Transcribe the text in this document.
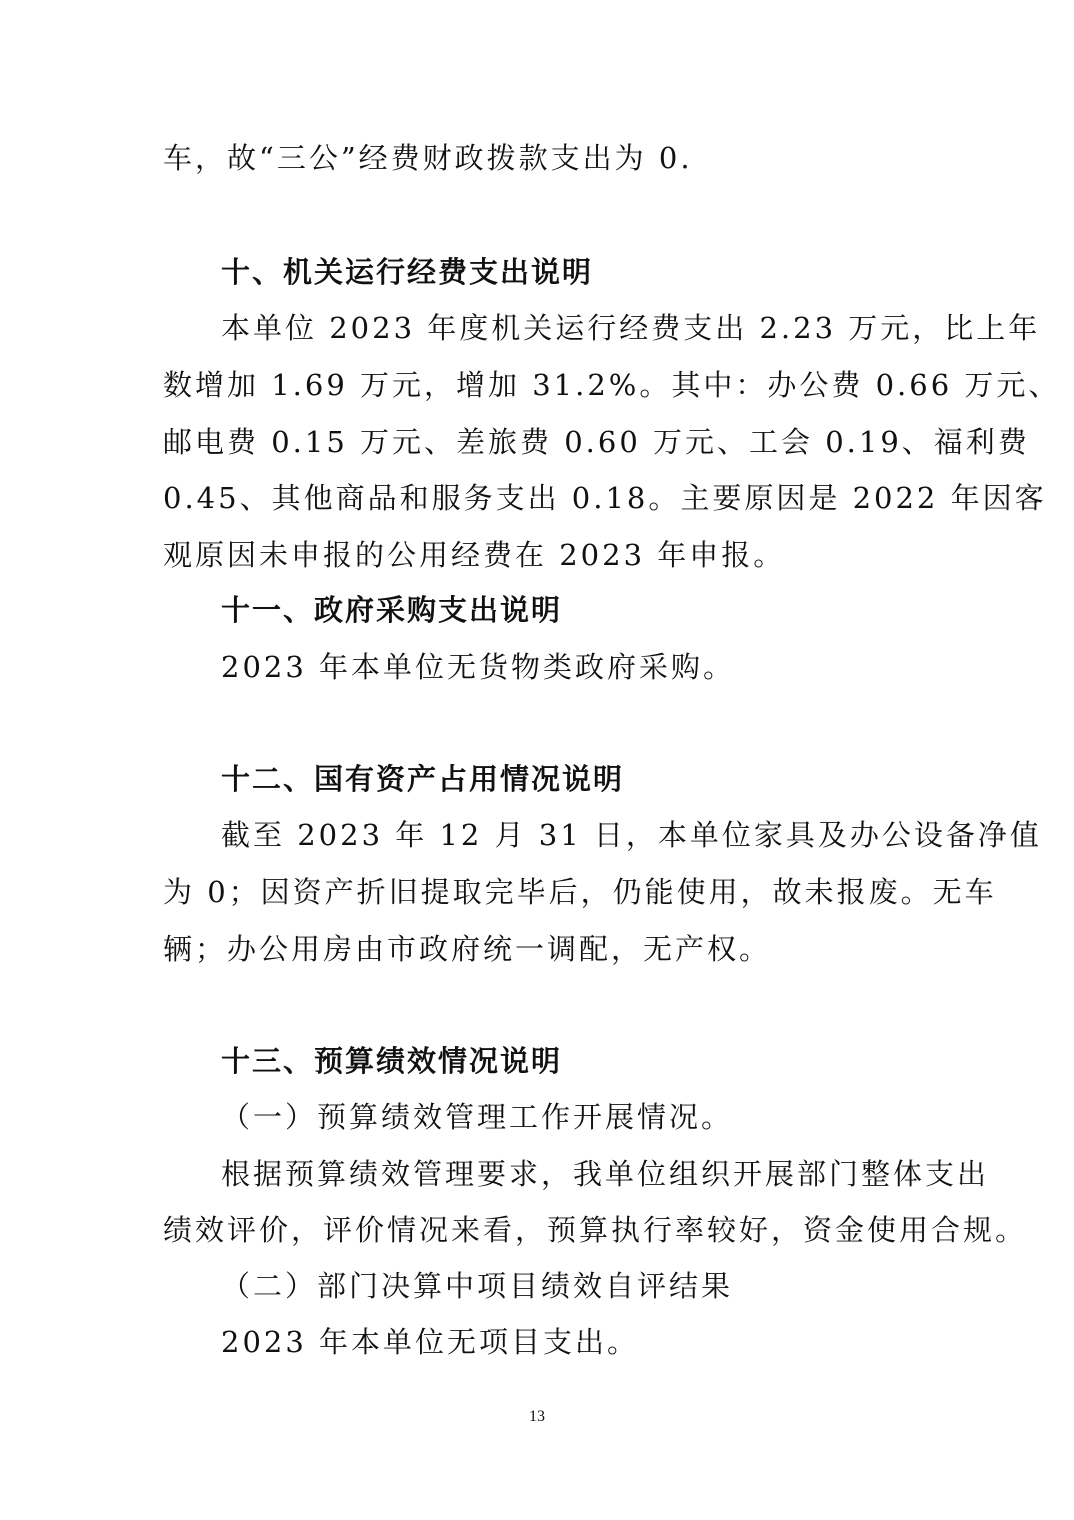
车，故“三公”经费财政拨款支出为 0.
十、机关运行经费支出说明
本单位 2023 年度机关运行经费支出 2.23 万元，比上年
数增加 1.69 万元，增加 31.2%。其中：办公费 0.66 万元、
邮电费 0.15 万元、差旅费 0.60 万元、工会 0.19、福利费
0.45、其他商品和服务支出 0.18。主要原因是 2022 年因客
观原因未申报的公用经费在 2023 年申报。
十一、政府采购支出说明
2023 年本单位无货物类政府采购。
十二、国有资产占用情况说明
截至 2023 年 12 月 31 日，本单位家具及办公设备净值
为 0；因资产折旧提取完毕后，仍能使用，故未报废。无车
辆；办公用房由市政府统一调配，无产权。
十三、预算绩效情况说明
（一）预算绩效管理工作开展情况。
根据预算绩效管理要求，我单位组织开展部门整体支出
绩效评价，评价情况来看，预算执行率较好，资金使用合规。
（二）部门决算中项目绩效自评结果
2023 年本单位无项目支出。
13
